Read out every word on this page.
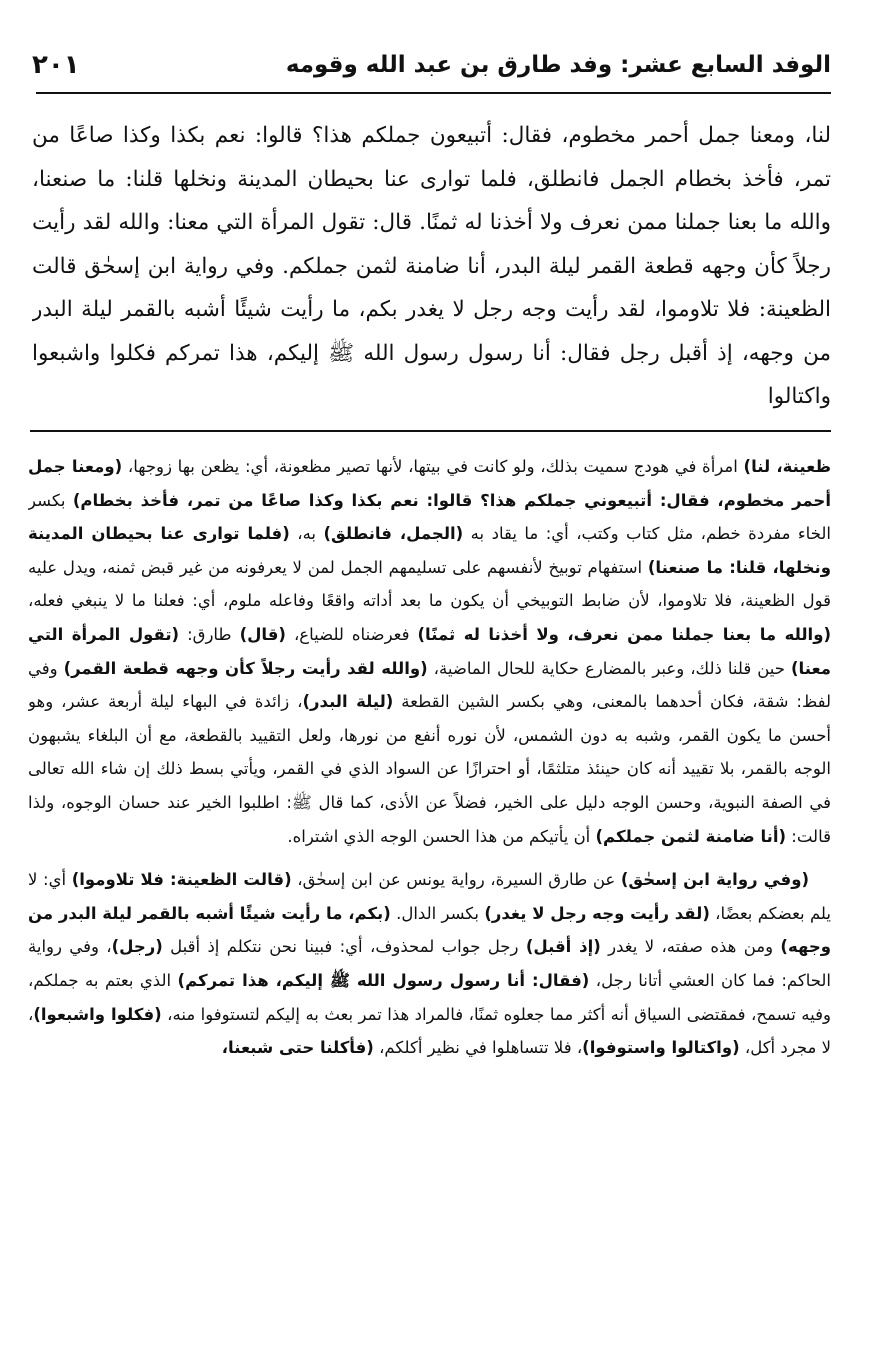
الوفد السابع عشر: وفد طارق بن عبد الله وقومه
٢٠١
لنا، ومعنا جمل أحمر مخطوم، فقال: أتبيعون جملكم هذا؟ قالوا: نعم بكذا وكذا صاعًا من تمر، فأخذ بخطام الجمل فانطلق، فلما توارى عنا بحيطان المدينة ونخلها قلنا: ما صنعنا، والله ما بعنا جملنا ممن نعرف ولا أخذنا له ثمنًا. قال: تقول المرأة التي معنا: والله لقد رأيت رجلاً كأن وجهه قطعة القمر ليلة البدر، أنا ضامنة لثمن جملكم. وفي رواية ابن إسحٰق قالت الظعينة: فلا تلاوموا، لقد رأيت وجه رجل لا يغدر بكم، ما رأيت شيئًا أشبه بالقمر ليلة البدر من وجهه، إذ أقبل رجل فقال: أنا رسول رسول الله ﷺ إليكم، هذا تمركم فكلوا واشبعوا واكتالوا

ظعينة، لنا) امرأة في هودج سميت بذلك، ولو كانت في بيتها، لأنها تصير مظعونة، أي: يظعن بها زوجها، (ومعنا جمل أحمر مخطوم، فقال: أتبيعوني جملكم هذا؟ قالوا: نعم بكذا وكذا صاعًا من تمر، فأخذ بخطام) بكسر الخاء مفردة خطم، مثل كتاب وكتب، أي: ما يقاد به (الجمل، فانطلق) به، (فلما توارى عنا بحيطان المدينة ونخلها، قلنا: ما صنعنا) استفهام توبيخ لأنفسهم على تسليمهم الجمل لمن لا يعرفونه من غير قبض ثمنه، ويدل عليه قول الظعينة، فلا تلاوموا، لأن ضابط التوبيخي أن يكون ما بعد أداته واقعًا وفاعله ملوم، أي: فعلنا ما لا ينبغي فعله، (والله ما بعنا جملنا ممن نعرف، ولا أخذنا له ثمنًا) فعرضناه للضياع، (قال) طارق: (تقول المرأة التي معنا) حين قلنا ذلك، وعبر بالمضارع حكاية للحال الماضية، (والله لقد رأيت رجلاً كأن وجهه قطعة القمر) وفي لفظ: شقة، فكان أحدهما بالمعنى، وهي بكسر الشين القطعة (ليلة البدر)، زائدة في البهاء ليلة أربعة عشر، وهو أحسن ما يكون القمر، وشبه به دون الشمس، لأن نوره أنفع من نورها، ولعل التقييد بالقطعة، مع أن البلغاء يشبهون الوجه بالقمر، بلا تقييد أنه كان حينئذ متلثمًا، أو احترازًا عن السواد الذي في القمر، ويأتي بسط ذلك إن شاء الله تعالى في الصفة النبوية، وحسن الوجه دليل على الخير، فضلاً عن الأذى، كما قال ﷺ: اطلبوا الخير عند حسان الوجوه، ولذا قالت: (أنا ضامنة لثمن جملكم) أن يأتيكم من هذا الحسن الوجه الذي اشتراه.

(وفي رواية ابن إسحٰق) عن طارق السيرة، رواية يونس عن ابن إسحٰق، (قالت الظعينة: فلا تلاوموا) أي: لا يلم بعضكم بعضًا، (لقد رأيت وجه رجل لا يغدر) بكسر الدال. (بكم، ما رأيت شيئًا أشبه بالقمر ليلة البدر من وجهه) ومن هذه صفته، لا يغدر (إذ أقبل) رجل جواب لمحذوف، أي: فبينا نحن نتكلم إذ أقبل (رجل)، وفي رواية الحاكم: فما كان العشي أتانا رجل، (فقال: أنا رسول رسول الله ﷺ إليكم، هذا تمركم) الذي بعتم به جملكم، وفيه تسمح، فمقتضى السياق أنه أكثر مما جعلوه ثمنًا، فالمراد هذا تمر بعث به إليكم لتستوفوا منه، (فكلوا واشبعوا)، لا مجرد أكل، (واكتالوا واستوفوا)، فلا تتساهلوا في نظير أكلكم، (فأكلنا حتى شبعنا،
